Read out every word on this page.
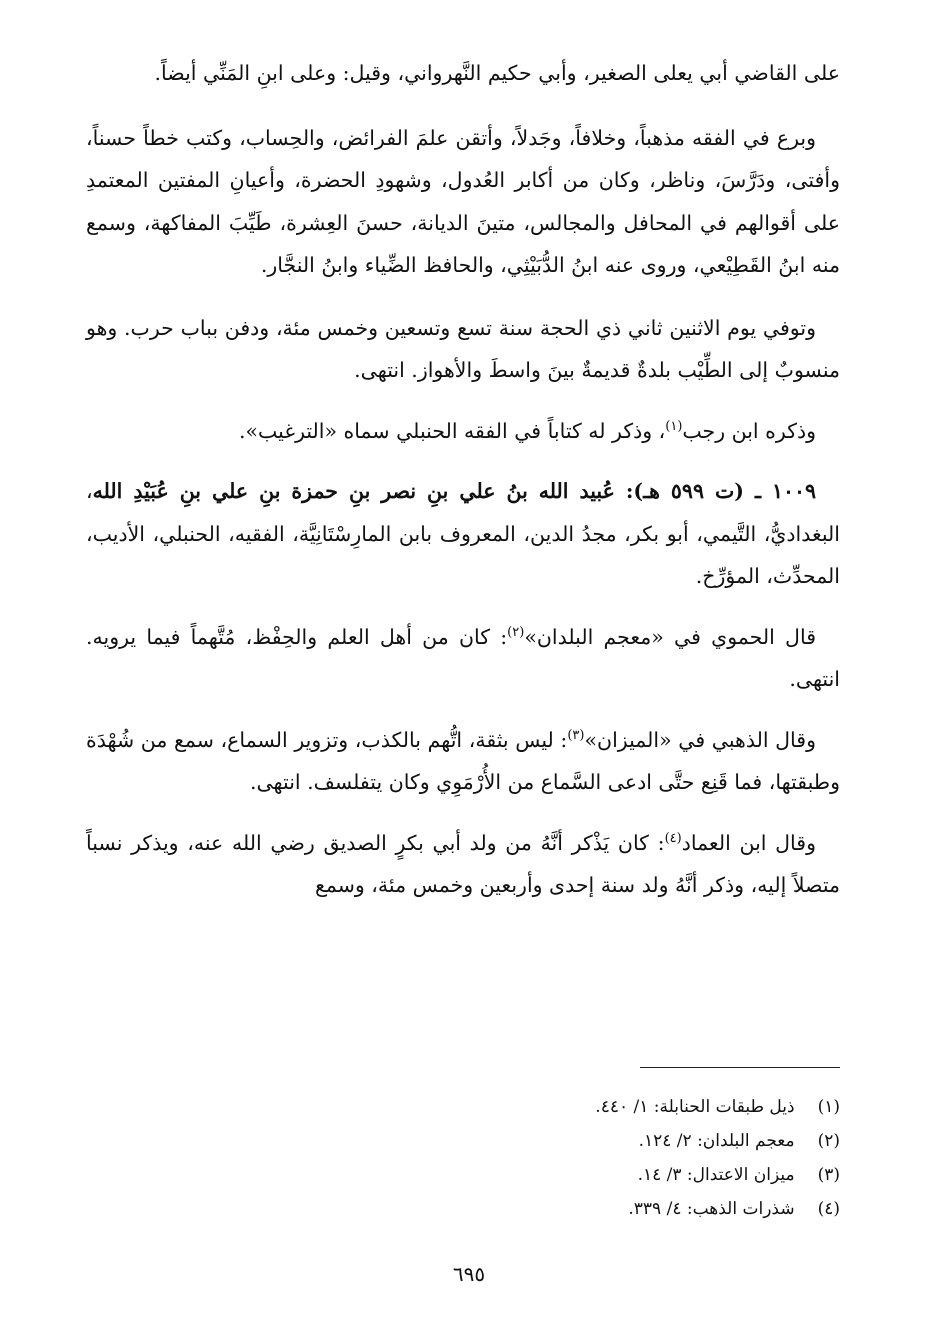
على القاضي أبي يعلى الصغير، وأبي حكيم النَّهرواني، وقيل: وعلى ابنِ المَنِّي أيضاً.

وبرع في الفقه مذهباً، وخلافاً، وجَدلاً، وأتقن علمَ الفرائض، والحِساب، وكتب خطاً حسناً، وأفتى، ودَرَّسَ، وناظر، وكان من أكابر العُدول، وشهودِ الحضرة، وأعيانِ المفتين المعتمدِ على أقوالهم في المحافل والمجالس، متينَ الديانة، حسنَ العِشرة، طَيِّبَ المفاكهة، وسمع منه ابنُ القَطِيْعي، وروى عنه ابنُ الدُّبَيْثِي، والحافظ الضِّياء وابنُ النجَّار.

وتوفي يوم الاثنين ثاني ذي الحجة سنة تسع وتسعين وخمس مئة، ودفن بباب حرب. وهو منسوبٌ إلى الطِّيْب بلدةٌ قديمةٌ بينَ واسطَ والأهواز. انتهى.

وذكره ابن رجب$^{(١)}$، وذكر له كتاباً في الفقه الحنبلي سماه «الترغيب».

١٠٠٩ ـ (ت ٥٩٩ هـ): عُبيد الله بنُ علي بنِ نصر بنِ حمزة بنِ علي بنِ عُبَيْدِ الله، البغداديُّ، التَّيمي، أبو بكر، مجدُ الدين، المعروف بابن المارِسْتَانِيَّة، الفقيه، الحنبلي، الأديب، المحدِّث، المؤرِّخ.

قال الحموي في «معجم البلدان»$^{(٢)}$: كان من أهل العلم والحِفْظ، مُتَّهماً فيما يرويه. انتهى.

وقال الذهبي في «الميزان»$^{(٣)}$: ليس بثقة، اتُّهم بالكذب، وتزوير السماع، سمع من شُهْدَة وطبقتها، فما قَنِع حتَّى ادعى السَّماع من الأُرْمَوِي وكان يتفلسف. انتهى.

وقال ابن العماد$^{(٤)}$: كان يَذْكر أنَّهُ من ولد أبي بكرٍ الصديق رضي الله عنه، ويذكر نسباً متصلاً إليه، وذكر أنَّهُ ولد سنة إحدى وأربعين وخمس مئة، وسمع

(١) ذيل طبقات الحنابلة: ١/ ٤٤٠.
(٢) معجم البلدان: ٢/ ١٢٤.
(٣) ميزان الاعتدال: ٣/ ١٤.
(٤) شذرات الذهب: ٤/ ٣٣٩.
٦٩٥
